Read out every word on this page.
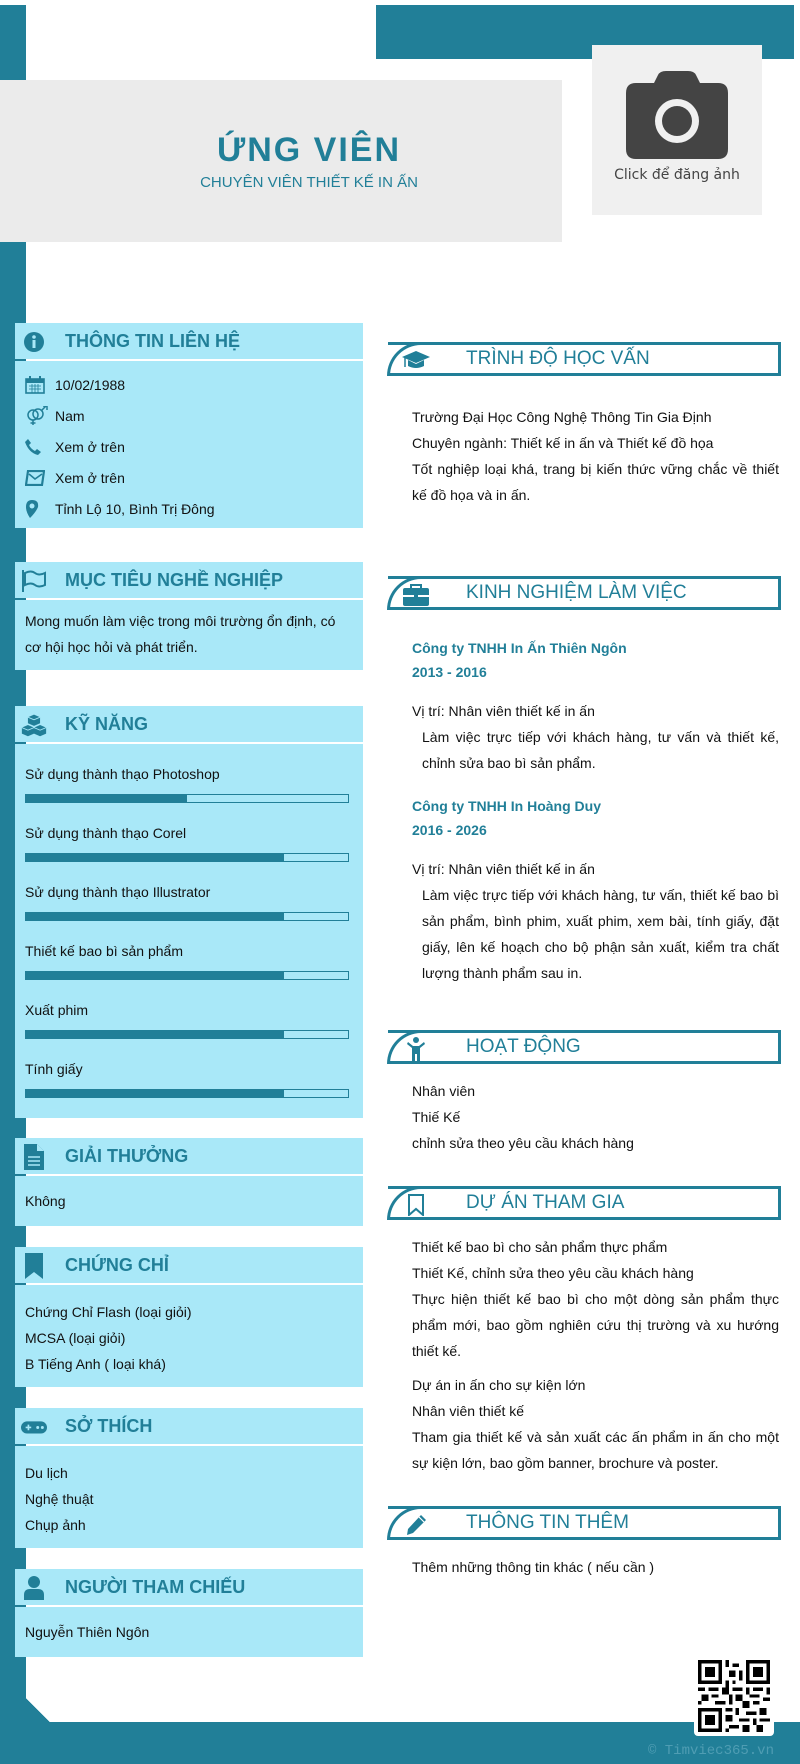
ỨNG VIÊN
CHUYÊN VIÊN THIẾT KẾ IN ẤN	Click để đăng ảnh
THÔNG TIN LIÊN HỆ
10/02/1988
Nam
Xem ở trên
Xem ở trên
Tỉnh Lộ 10, Bình Trị Đông
MỤC TIÊU NGHỀ NGHIỆP

Mong muốn làm việc trong môi trường ổn định, có cơ hội học hỏi và phát triển.

KỸ NĂNG
Sử dụng thành thạo Photoshop
Sử dụng thành thạo Corel
Sử dụng thành thạo Illustrator
Thiết kế bao bì sản phẩm
Xuất phim
Tính giấy
GIẢI THƯỞNG
Không
CHỨNG CHỈ
Chứng Chỉ Flash (loại giỏi)
MCSA (loại giỏi)
B Tiếng Anh ( loại khá)
SỞ THÍCH
Du lịch
Nghệ thuật
Chụp ảnh
NGƯỜI THAM CHIẾU
Nguyễn Thiên Ngôn
TRÌNH ĐỘ HỌC VẤN
Trường Đại Học Công Nghệ Thông Tin Gia Định
Chuyên ngành: Thiết kế in ấn và Thiết kế đồ họa
Tốt nghiệp loại khá, trang bị kiến thức vững chắc về thiết kế đồ họa và in ấn.
KINH NGHIỆM LÀM VIỆC
Công ty TNHH In Ấn Thiên Ngôn
2013 - 2016
Vị trí: Nhân viên thiết kế in ấn
Làm việc trực tiếp với khách hàng, tư vấn và thiết kế, chỉnh sửa bao bì sản phẩm.
Công ty TNHH In Hoàng Duy
2016 - 2026
Vị trí: Nhân viên thiết kế in ấn
Làm việc trực tiếp với khách hàng, tư vấn, thiết kế bao bì sản phẩm, bình phim, xuất phim, xem bài, tính giấy, đặt giấy, lên kế hoạch cho bộ phận sản xuất, kiểm tra chất lượng thành phẩm sau in.
HOẠT ĐỘNG
Nhân viên
Thiế Kế
chỉnh sửa theo yêu cầu khách hàng
DỰ ÁN THAM GIA
Thiết kế bao bì cho sản phẩm thực phẩm
Thiết Kế, chỉnh sửa theo yêu cầu khách hàng
Thực hiện thiết kế bao bì cho một dòng sản phẩm thực phẩm mới, bao gồm nghiên cứu thị trường và xu hướng thiết kế.
Dự án in ấn cho sự kiện lớn
Nhân viên thiết kế
Tham gia thiết kế và sản xuất các ấn phẩm in ấn cho một sự kiện lớn, bao gồm banner, brochure và poster.
THÔNG TIN THÊM
Thêm những thông tin khác ( nếu cần )
© Timviec365.vn
